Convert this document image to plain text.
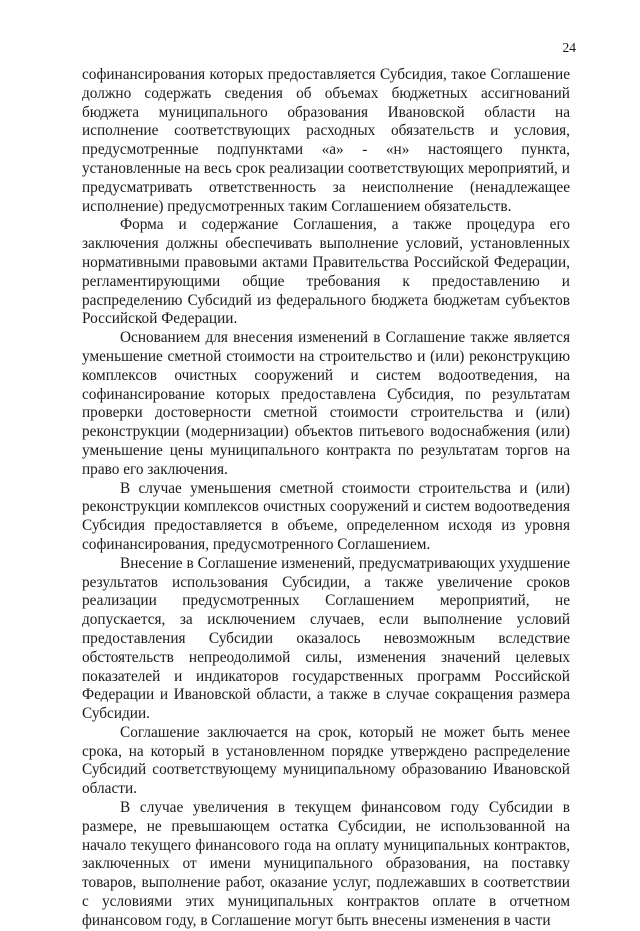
24

софинансирования которых предоставляется Субсидия, такое Соглашение должно содержать сведения об объемах бюджетных ассигнований бюджета муниципального образования Ивановской области на исполнение соответствующих расходных обязательств и условия, предусмотренные подпунктами «а» - «н» настоящего пункта, установленные на весь срок реализации соответствующих мероприятий, и предусматривать ответственность за неисполнение (ненадлежащее исполнение) предусмотренных таким Соглашением обязательств.

Форма и содержание Соглашения, а также процедура его заключения должны обеспечивать выполнение условий, установленных нормативными правовыми актами Правительства Российской Федерации, регламентирующими общие требования к предоставлению и распределению Субсидий из федерального бюджета бюджетам субъектов Российской Федерации.

Основанием для внесения изменений в Соглашение также является уменьшение сметной стоимости на строительство и (или) реконструкцию комплексов очистных сооружений и систем водоотведения, на софинансирование которых предоставлена Субсидия, по результатам проверки достоверности сметной стоимости строительства и (или) реконструкции (модернизации) объектов питьевого водоснабжения (или) уменьшение цены муниципального контракта по результатам торгов на право его заключения.

В случае уменьшения сметной стоимости строительства и (или) реконструкции комплексов очистных сооружений и систем водоотведения Субсидия предоставляется в объеме, определенном исходя из уровня софинансирования, предусмотренного Соглашением.

Внесение в Соглашение изменений, предусматривающих ухудшение результатов использования Субсидии, а также увеличение сроков реализации предусмотренных Соглашением мероприятий, не допускается, за исключением случаев, если выполнение условий предоставления Субсидии оказалось невозможным вследствие обстоятельств непреодолимой силы, изменения значений целевых показателей и индикаторов государственных программ Российской Федерации и Ивановской области, а также в случае сокращения размера Субсидии.

Соглашение заключается на срок, который не может быть менее срока, на который в установленном порядке утверждено распределение Субсидий соответствующему муниципальному образованию Ивановской области.

В случае увеличения в текущем финансовом году Субсидии в размере, не превышающем остатка Субсидии, не использованной на начало текущего финансового года на оплату муниципальных контрактов, заключенных от имени муниципального образования, на поставку товаров, выполнение работ, оказание услуг, подлежавших в соответствии с условиями этих муниципальных контрактов оплате в отчетном финансовом году, в Соглашение могут быть внесены изменения в части
